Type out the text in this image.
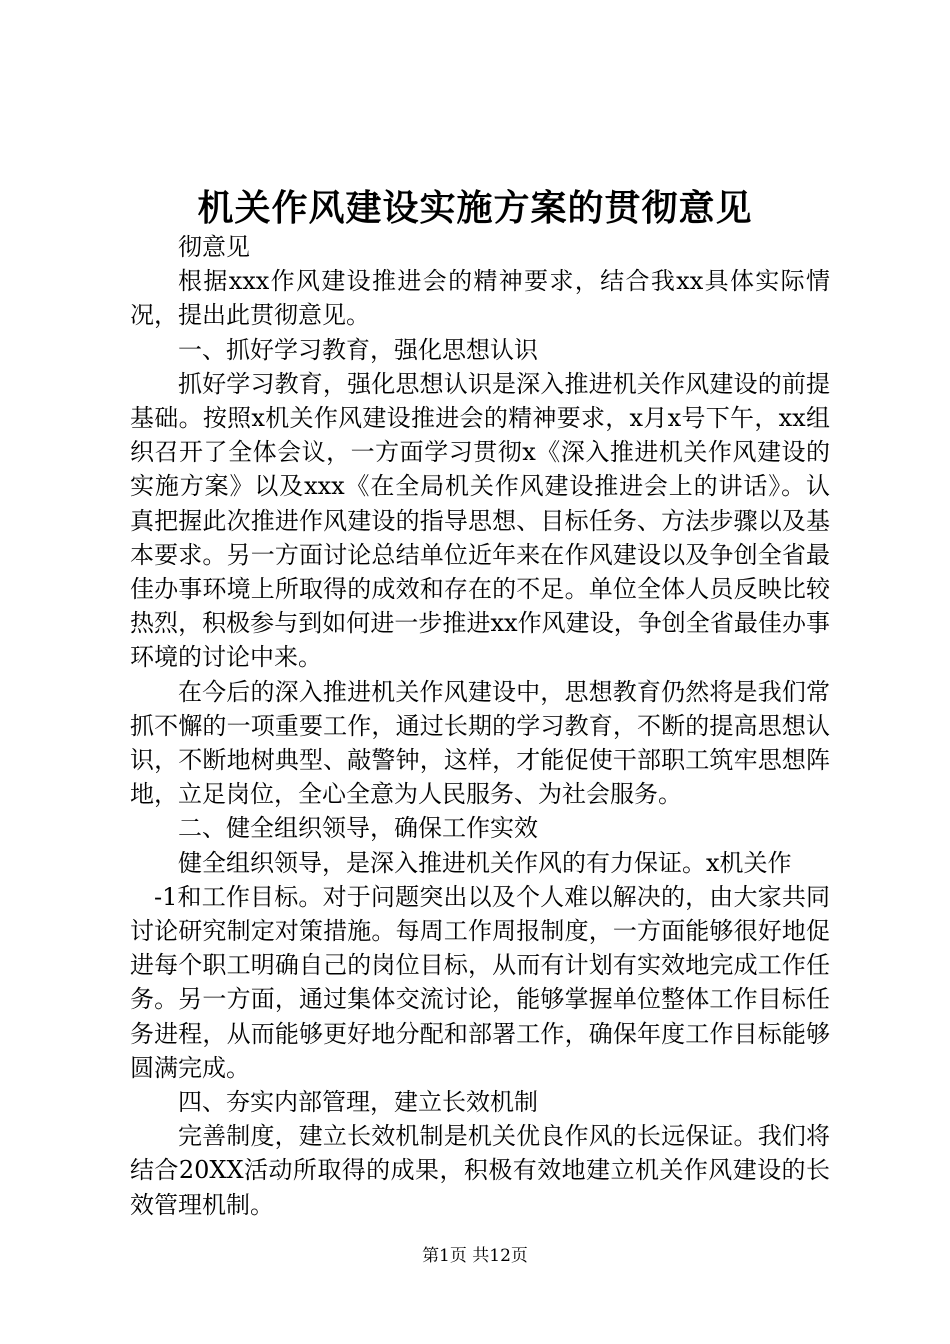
机关作风建设实施方案的贯彻意见

彻意见

根据xxx作风建设推进会的精神要求，结合我xx具体实际情况，提出此贯彻意见。

一、抓好学习教育，强化思想认识

抓好学习教育，强化思想认识是深入推进机关作风建设的前提基础。按照x机关作风建设推进会的精神要求，x月x号下午，xx组织召开了全体会议，一方面学习贯彻x《深入推进机关作风建设的实施方案》以及xxx《在全局机关作风建设推进会上的讲话》。认真把握此次推进作风建设的指导思想、目标任务、方法步骤以及基本要求。另一方面讨论总结单位近年来在作风建设以及争创全省最佳办事环境上所取得的成效和存在的不足。单位全体人员反映比较热烈，积极参与到如何进一步推进xx作风建设，争创全省最佳办事环境的讨论中来。

在今后的深入推进机关作风建设中，思想教育仍然将是我们常抓不懈的一项重要工作，通过长期的学习教育，不断的提高思想认识，不断地树典型、敲警钟，这样，才能促使干部职工筑牢思想阵地，立足岗位，全心全意为人民服务、为社会服务。

二、健全组织领导，确保工作实效

健全组织领导，是深入推进机关作风的有力保证。x机关作

-1和工作目标。对于问题突出以及个人难以解决的，由大家共同讨论研究制定对策措施。每周工作周报制度，一方面能够很好地促进每个职工明确自己的岗位目标，从而有计划有实效地完成工作任务。另一方面，通过集体交流讨论，能够掌握单位整体工作目标任务进程，从而能够更好地分配和部署工作，确保年度工作目标能够圆满完成。

四、夯实内部管理，建立长效机制

完善制度，建立长效机制是机关优良作风的长远保证。我们将结合20XX活动所取得的成果，积极有效地建立机关作风建设的长效管理机制。

第1页 共12页
